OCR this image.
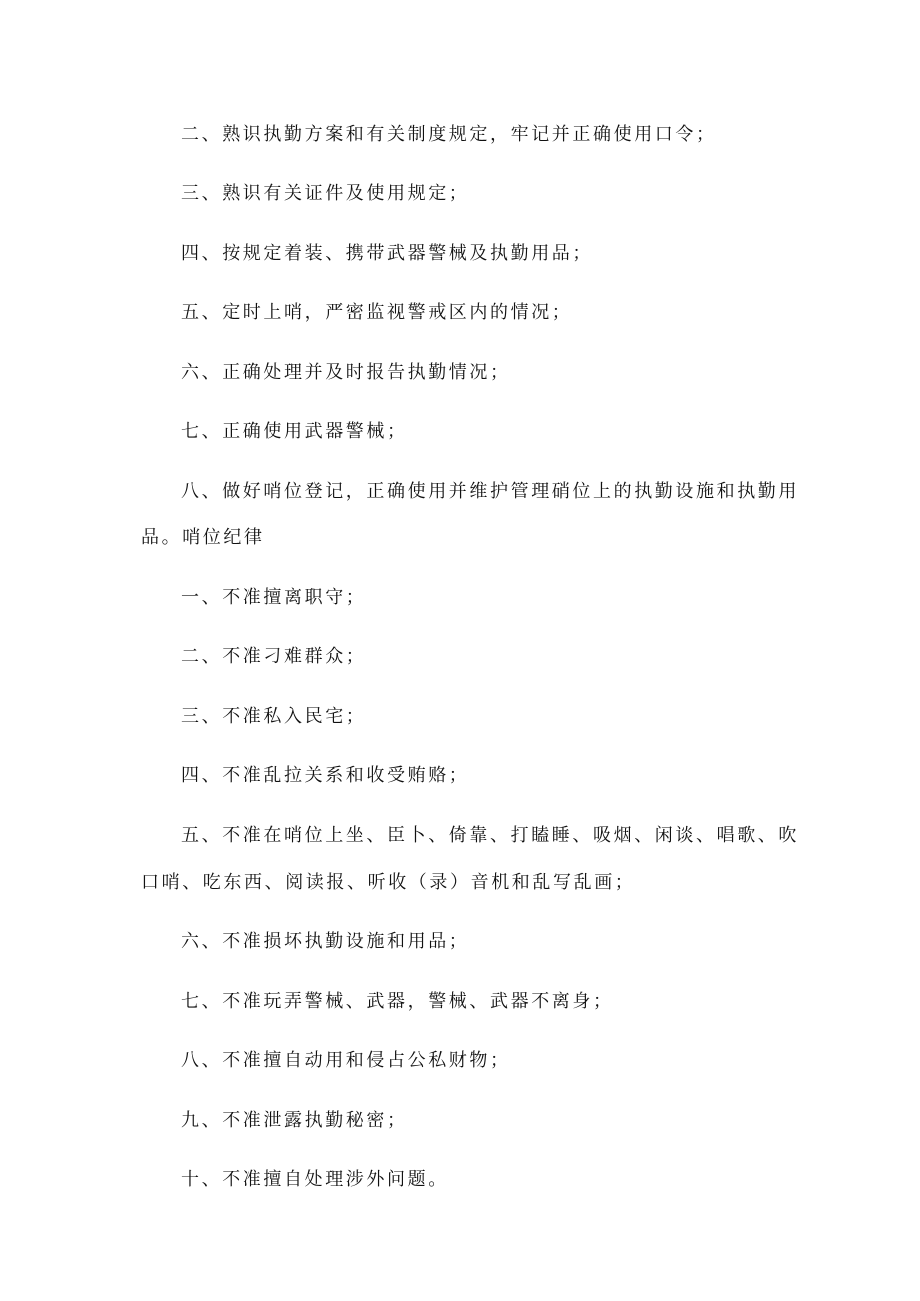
二、熟识执勤方案和有关制度规定，牢记并正确使用口令；

三、熟识有关证件及使用规定；

四、按规定着装、携带武器警械及执勤用品；

五、定时上哨，严密监视警戒区内的情况；

六、正确处理并及时报告执勤情况；

七、正确使用武器警械；

八、做好哨位登记，正确使用并维护管理硝位上的执勤设施和执勤用

品。哨位纪律

一、不准擅离职守；

二、不准刁难群众；

三、不准私入民宅；

四、不准乱拉关系和收受贿赂；

五、不准在哨位上坐、臣卜、倚靠、打瞌睡、吸烟、闲谈、唱歌、吹

口哨、吃东西、阅读报、听收（录）音机和乱写乱画；

六、不准损坏执勤设施和用品；

七、不准玩弄警械、武器，警械、武器不离身；

八、不准擅自动用和侵占公私财物；

九、不准泄露执勤秘密；

十、不准擅自处理涉外问题。
